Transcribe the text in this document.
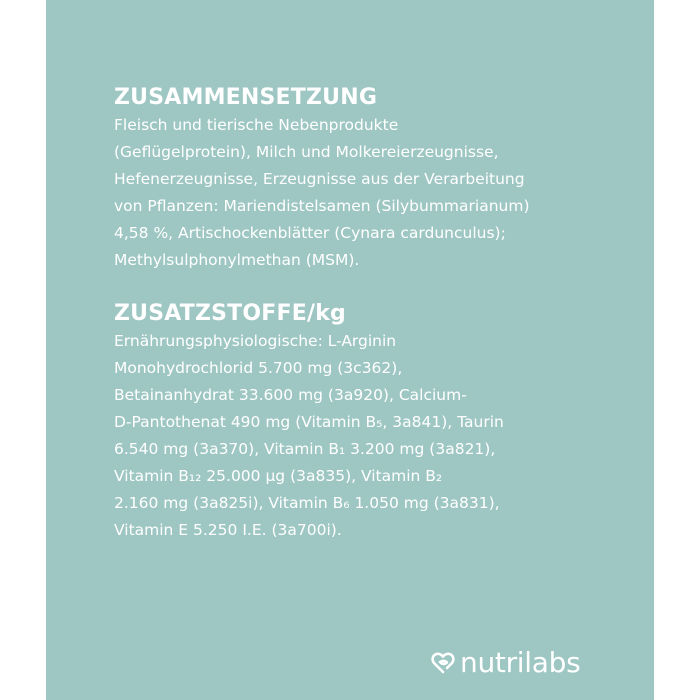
ZUSAMMENSETZUNG

Fleisch und tierische Nebenprodukte
(Geflügelprotein), Milch und Molkereierzeugnisse,
Hefenerzeugnisse, Erzeugnisse aus der Verarbeitung
von Pflanzen: Mariendistelsamen (Silybummarianum)
4,58 %, Artischockenblätter (Cynara cardunculus);
Methylsulphonylmethan (MSM).

ZUSATZSTOFFE/kg

Ernährungsphysiologische: L-Arginin
Monohydrochlorid 5.700 mg (3c362),
Betainanhydrat 33.600 mg (3a920), Calcium-
D-Pantothenat 490 mg (Vitamin B₅, 3a841), Taurin
6.540 mg (3a370), Vitamin B₁ 3.200 mg (3a821),
Vitamin B₁₂ 25.000 µg (3a835), Vitamin B₂
2.160 mg (3a825i), Vitamin B₆ 1.050 mg (3a831),
Vitamin E 5.250 I.E. (3a700i).

nutrilabs
